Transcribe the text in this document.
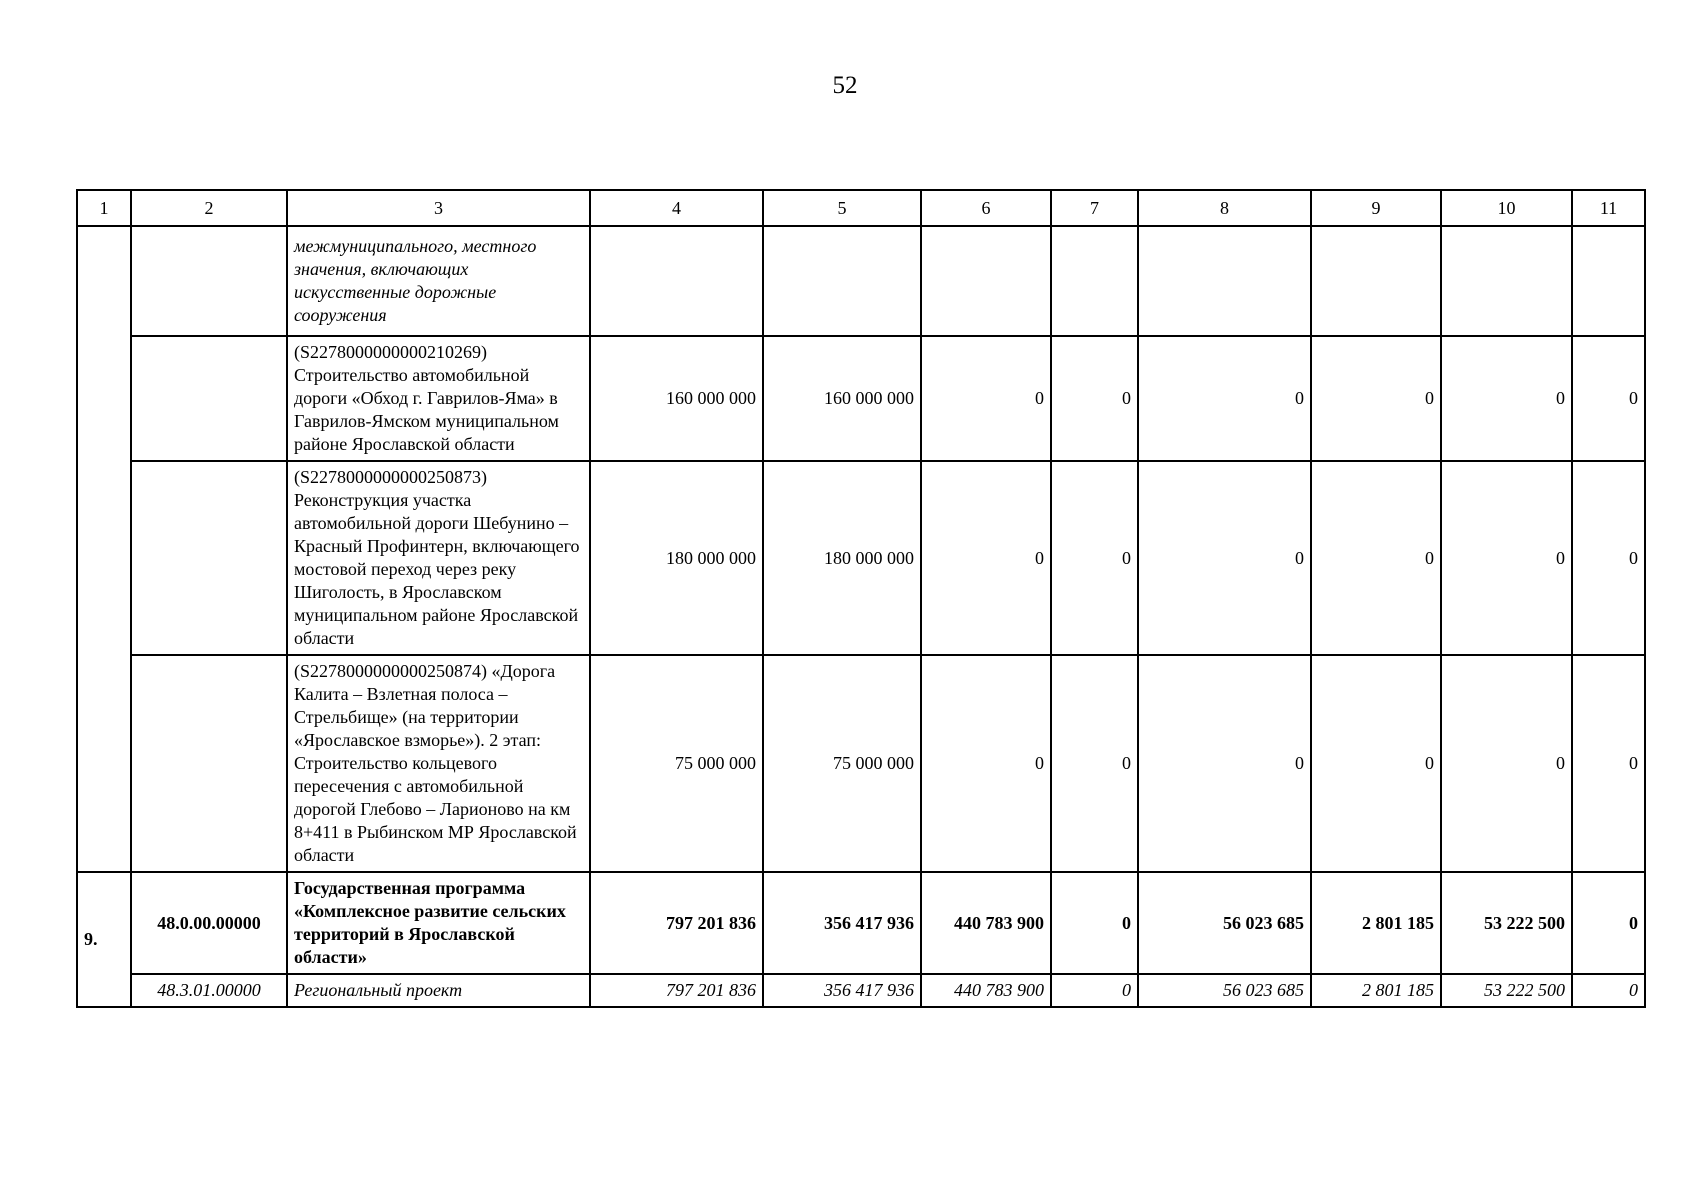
52
1	2	3	4	5	6	7	8	9	10	11
		межмуниципального, местного значения, включающих искусственные дорожные сооружения								
		(S2278000000000210269) Строительство автомобильной дороги «Обход г. Гаврилов-Яма» в Гаврилов-Ямском муниципальном районе Ярославской области	160 000 000	160 000 000	0	0	0	0	0	0
		(S2278000000000250873) Реконструкция участка автомобильной дороги Шебунино – Красный Профинтерн, включающего мостовой переход через реку Шиголость, в Ярославском муниципальном районе Ярославской области	180 000 000	180 000 000	0	0	0	0	0	0
		(S2278000000000250874) «Дорога Калита – Взлетная полоса – Стрельбище» (на территории «Ярославское взморье»). 2 этап: Строительство кольцевого пересечения с автомобильной дорогой Глебово – Ларионово на км 8+411 в Рыбинском МР Ярославской области	75 000 000	75 000 000	0	0	0	0	0	0
9.	48.0.00.00000	Государственная программа «Комплексное развитие сельских территорий в Ярославской области»	797 201 836	356 417 936	440 783 900	0	56 023 685	2 801 185	53 222 500	0
	48.3.01.00000	Региональный проект	797 201 836	356 417 936	440 783 900	0	56 023 685	2 801 185	53 222 500	0
